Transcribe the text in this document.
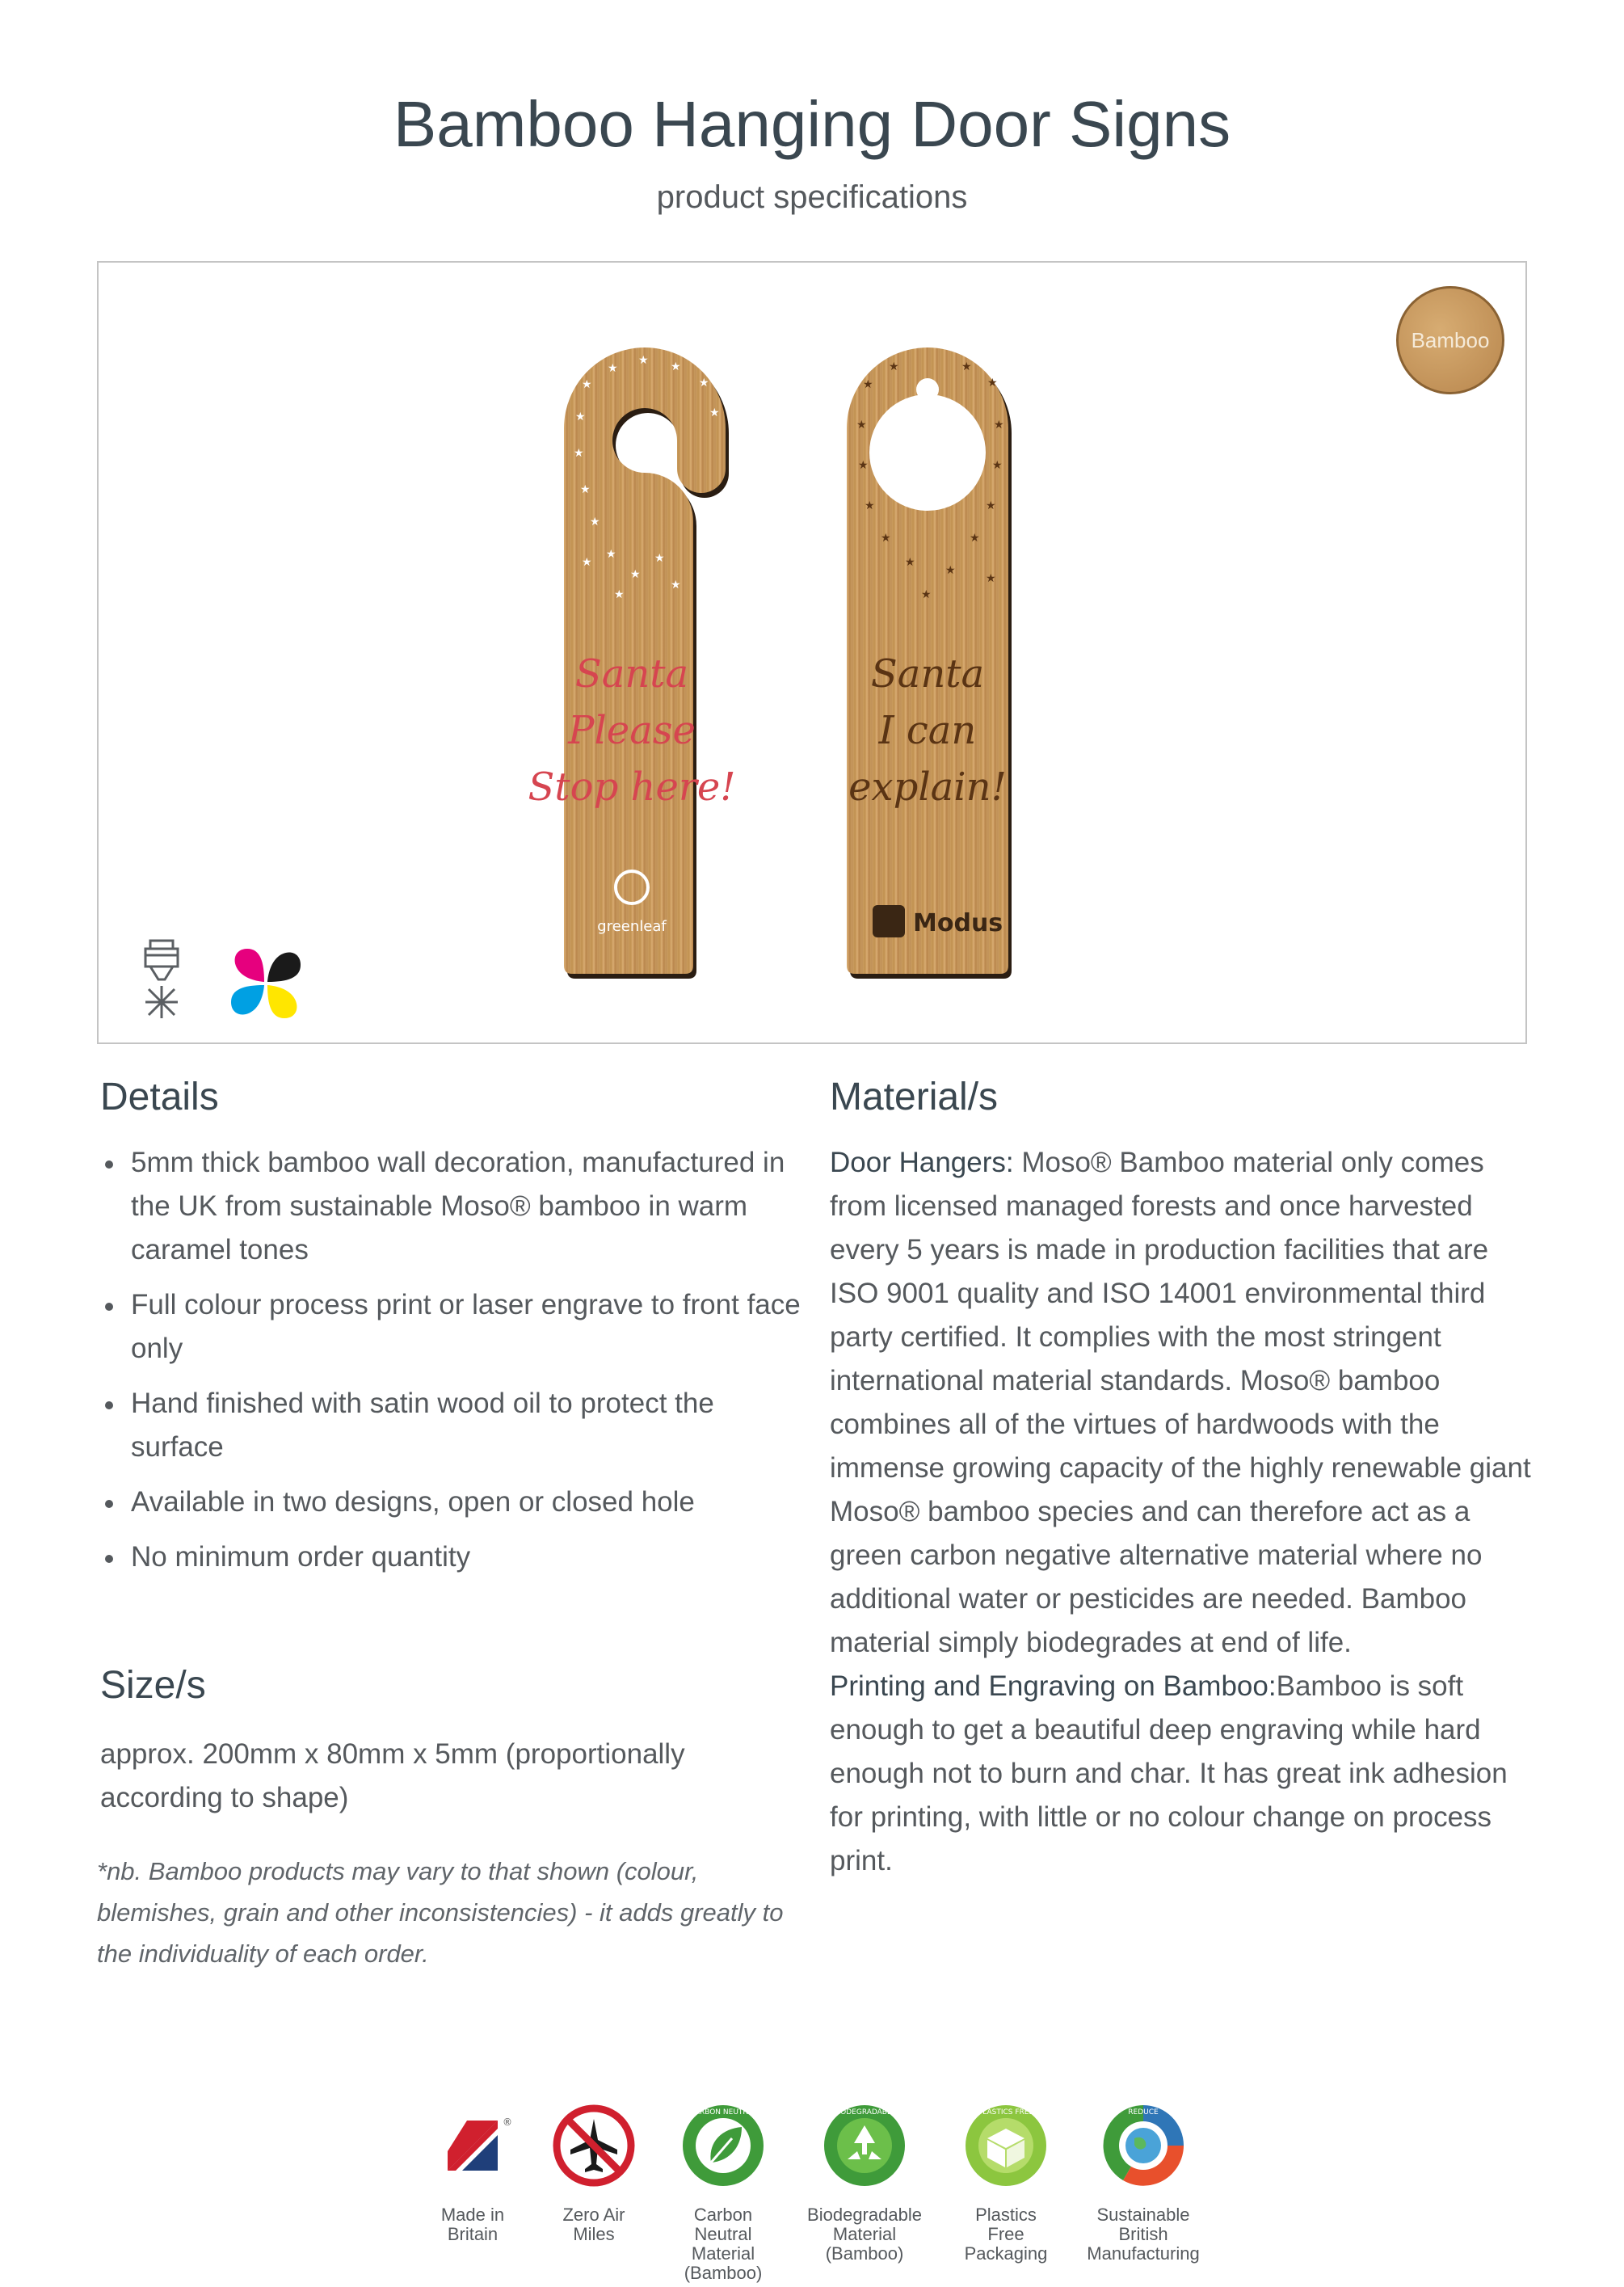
Bamboo Hanging Door Signs
product specifications
Bamboo
★
★
★ ★
★
★
★
★
★
★
★
★
★
★
★
★
Santa
Please
Stop here!
greenleaf
★
★	★
★
★	★
★	★
★	★
★	★
★
★
★
★
Santa
I can
explain!
Modus
Details
5mm thick bamboo wall decoration, manufactured in the UK from sustainable Moso® bamboo in warm caramel tones
Full colour process print or laser engrave to front face only
Hand finished with satin wood oil to protect the surface
Available in two designs, open or closed hole
No minimum order quantity
Size/s
approx. 200mm x 80mm x 5mm (proportionally according to shape)
*nb. Bamboo products may vary to that shown (colour, blemishes, grain and other inconsistencies) - it adds greatly to the individuality of each order.
Material/s
Door Hangers: Moso® Bamboo material only comes from licensed managed forests and once harvested every 5 years is made in production facilities that are ISO 9001 quality and ISO 14001 environmental third party certified. It complies with the most stringent international material standards. Moso® bamboo combines all of the virtues of hardwoods with the immense growing capacity of the highly renewable giant Moso® bamboo species and can therefore act as a green carbon negative alternative material where no additional water or pesticides are needed. Bamboo material simply biodegrades at end of life.
Printing and Engraving on Bamboo:Bamboo is soft enough to get a beautiful deep engraving while hard enough not to burn and char. It has great ink adhesion for printing, with little or no colour change on process print.
®
Made in
Britain
Zero Air
Miles
CARBON NEUTRAL
Carbon
Neutral
Material
(Bamboo)
BIODEGRADABLE
Biodegradable
Material
(Bamboo)
PLASTICS FREE
Plastics
Free
Packaging
REDUCE
Sustainable
British
Manufacturing
